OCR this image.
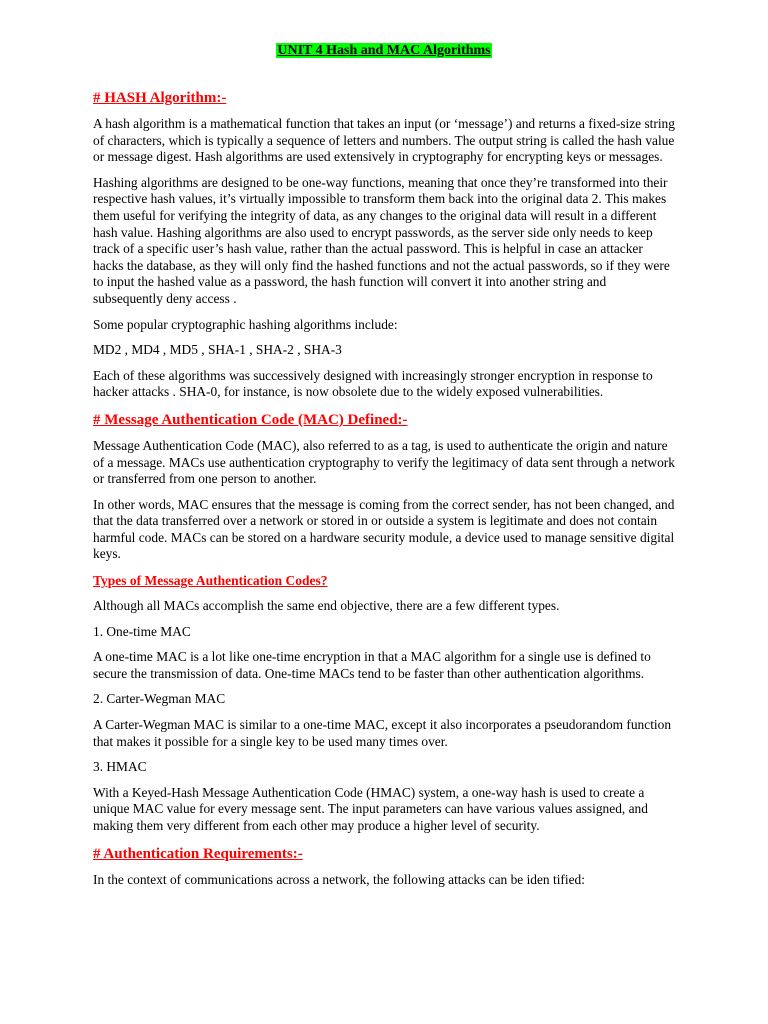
UNIT 4 Hash and MAC Algorithms
# HASH Algorithm:-

A hash algorithm is a mathematical function that takes an input (or ‘message’) and returns a fixed-size string of characters, which is typically a sequence of letters and numbers. The output string is called the hash value or message digest. Hash algorithms are used extensively in cryptography for encrypting keys or messages.

Hashing algorithms are designed to be one-way functions, meaning that once they’re transformed into their respective hash values, it’s virtually impossible to transform them back into the original data 2. This makes them useful for verifying the integrity of data, as any changes to the original data will result in a different hash value. Hashing algorithms are also used to encrypt passwords, as the server side only needs to keep track of a specific user’s hash value, rather than the actual password. This is helpful in case an attacker hacks the database, as they will only find the hashed functions and not the actual passwords, so if they were to input the hashed value as a password, the hash function will convert it into another string and subsequently deny access .

Some popular cryptographic hashing algorithms include:

MD2 , MD4 , MD5 , SHA-1 , SHA-2 , SHA-3

Each of these algorithms was successively designed with increasingly stronger encryption in response to hacker attacks . SHA-0, for instance, is now obsolete due to the widely exposed vulnerabilities.

# Message Authentication Code (MAC) Defined:-

Message Authentication Code (MAC), also referred to as a tag, is used to authenticate the origin and nature of a message. MACs use authentication cryptography to verify the legitimacy of data sent through a network or transferred from one person to another.

In other words, MAC ensures that the message is coming from the correct sender, has not been changed, and that the data transferred over a network or stored in or outside a system is legitimate and does not contain harmful code. MACs can be stored on a hardware security module, a device used to manage sensitive digital keys.

Types of Message Authentication Codes?

Although all MACs accomplish the same end objective, there are a few different types.

1. One-time MAC

A one-time MAC is a lot like one-time encryption in that a MAC algorithm for a single use is defined to secure the transmission of data. One-time MACs tend to be faster than other authentication algorithms.

2. Carter-Wegman MAC

A Carter-Wegman MAC is similar to a one-time MAC, except it also incorporates a pseudorandom function that makes it possible for a single key to be used many times over.

3. HMAC

With a Keyed-Hash Message Authentication Code (HMAC) system, a one-way hash is used to create a unique MAC value for every message sent. The input parameters can have various values assigned, and making them very different from each other may produce a higher level of security.

# Authentication Requirements:-

In the context of communications across a network, the following attacks can be iden tified:
